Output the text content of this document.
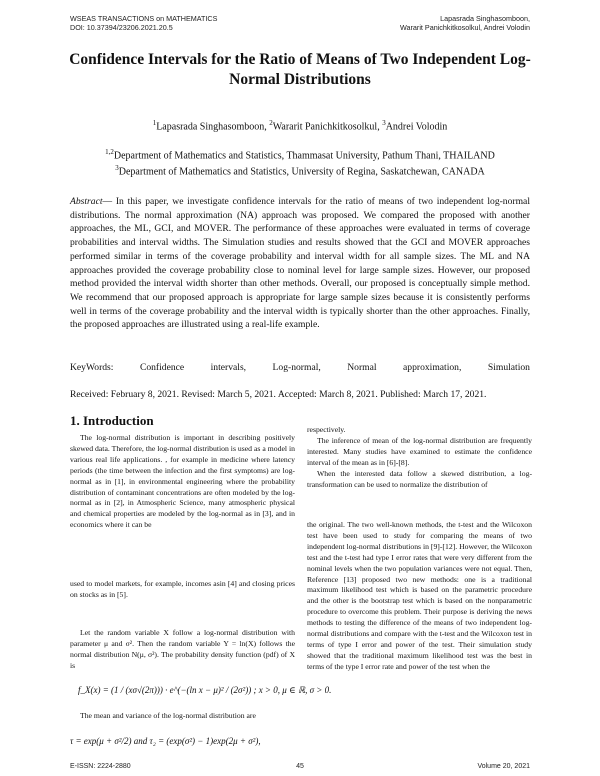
WSEAS TRANSACTIONS on MATHEMATICS
DOI: 10.37394/23206.2021.20.5
Lapasrada Singhasomboon,
Wararit Panichkitkosolkul, Andrei Volodin
Confidence Intervals for the Ratio of Means of Two Independent Log-Normal Distributions
$^1$Lapasrada Singhasomboon, $^2$Wararit Panichkitkosolkul, $^3$Andrei Volodin
$^{1,2}$Department of Mathematics and Statistics, Thammasat University, Pathum Thani, THAILAND
$^3$Department of Mathematics and Statistics, University of Regina, Saskatchewan, CANADA

Abstract— In this paper, we investigate confidence intervals for the ratio of means of two independent log-normal distributions. The normal approximation (NA) approach was proposed. We compared the proposed with another approaches, the ML, GCI, and MOVER. The performance of these approaches were evaluated in terms of coverage probabilities and interval widths. The Simulation studies and results showed that the GCI and MOVER approaches performed similar in terms of the coverage probability and interval width for all sample sizes. The ML and NA approaches provided the coverage probability close to nominal level for large sample sizes. However, our proposed method provided the interval width shorter than other methods. Overall, our proposed is conceptually simple method. We recommend that our proposed approach is appropriate for large sample sizes because it is consistently performs well in terms of the coverage probability and the interval width is typically shorter than the other approaches. Finally, the proposed approaches are illustrated using a real-life example.

KeyWords:	Confidence	intervals,	Log-normal,	Normal	approximation,	Simulation
Received: February 8, 2021. Revised: March 5, 2021. Accepted: March 8, 2021. Published: March 17, 2021.
1. Introduction

The log-normal distribution is important in describing positively skewed data. Therefore, the log-normal distribution is used as a model in various real life applications. , for example in medicine where latency periods (the time between the infection and the first symptoms) are log-normal as in [1], in environmental engineering where the probability distribution of contaminant concentrations are often modeled by the log-normal as in [2], in Atmospheric Science, many atmospheric physical and chemical properties are modeled by the log-normal as in [3], and in economics where it can be

used to model markets, for example, incomes asin [4] and closing prices on stocks as in [5].

Let the random variable X follow a log-normal distribution with parameter μ and σ². Then the random variable Y = ln(X) follows the normal distribution N(μ, σ²). The probability density function (pdf) of X is

f_X(x) = (1 / (xσ√(2π))) · e^(−(ln x − μ)² / (2σ²)) ; x > 0, μ ∈ ℝ, σ > 0.

The mean and variance of the log-normal distribution are

τ = exp(μ + σ²/2) and τ₂ = (exp(σ²) − 1)exp(2μ + σ²),

respectively.

The inference of mean of the log-normal distribution are frequently interested. Many studies have examined to estimate the confidence interval of the mean as in [6]-[8].

When the interested data follow a skewed distribution, a log-transformation can be used to normalize the distribution of

the original. The two well-known methods, the t-test and the Wilcoxon test have been used to study for comparing the means of two independent log-normal distributions in [9]-[12]. However, the Wilcoxon test and the t-test had type I error rates that were very different from the nominal levels when the two population variances were not equal. Then, Reference [13] proposed two new methods: one is a traditional maximum likelihood test which is based on the parametric procedure and the other is the bootstrap test which is based on the nonparametric procedure to overcome this problem. Their purpose is deriving the news methods to testing the difference of the means of two independent log-normal distributions and compare with the t-test and the Wilcoxon test in terms of type I error and power of the test. Their simulation study showed that the traditional maximum likelihood test was the best in terms of the type I error rate and power of the test when the

E-ISSN: 2224-2880	45	Volume 20, 2021
